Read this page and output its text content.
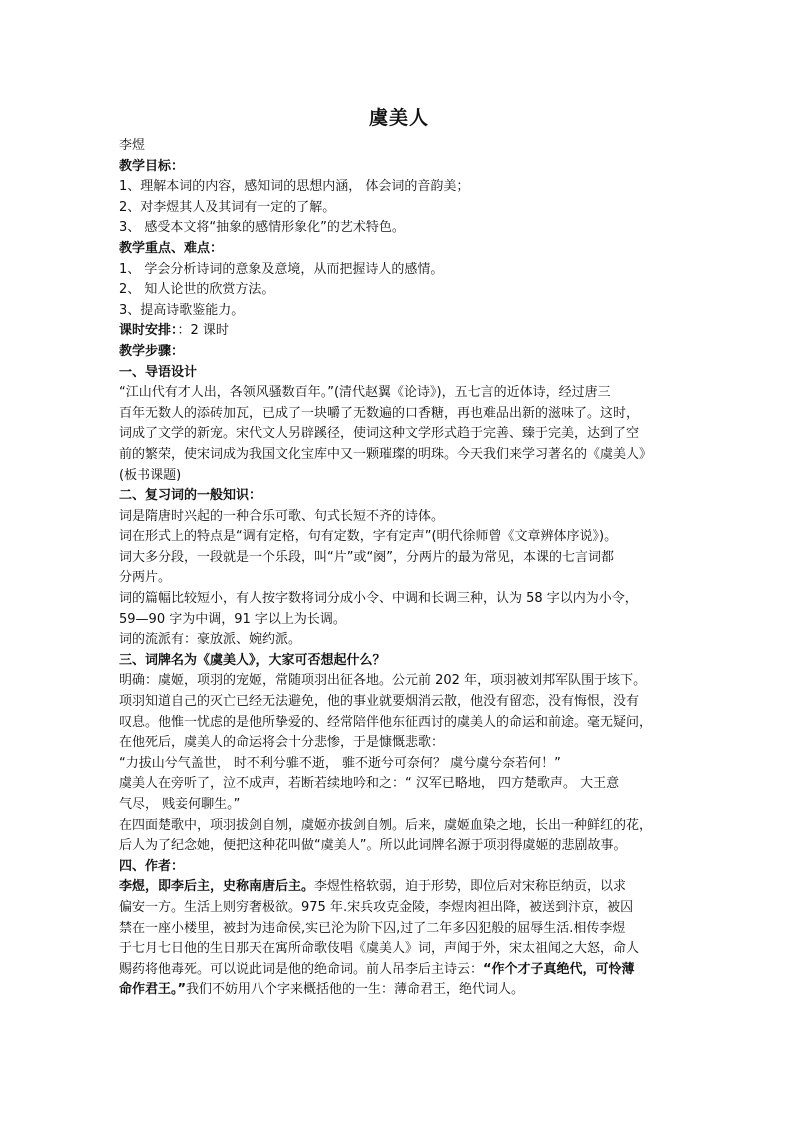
虞美人
李煜
教学目标：
1、理解本词的内容，感知词的思想内涵， 体会词的音韵美；
2、对李煜其人及其词有一定的了解。
3、 感受本文将“抽象的感情形象化”的艺术特色。
教学重点、难点：
1、 学会分析诗词的意象及意境，从而把握诗人的感情。
2、 知人论世的欣赏方法。
3、提高诗歌鉴能力。
课时安排：：2 课时
教学步骤：
一、导语设计
“江山代有才人出，各领风骚数百年。”(清代赵翼《论诗》)，五七言的近体诗，经过唐三
百年无数人的添砖加瓦，已成了一块嚼了无数遍的口香糖，再也难品出新的滋味了。这时，
词成了文学的新宠。宋代文人另辟蹊径，使词这种文学形式趋于完善、臻于完美，达到了空
前的繁荣，使宋词成为我国文化宝库中又一颗璀璨的明珠。今天我们来学习著名的《虞美人》
(板书课题)
二、复习词的一般知识：
词是隋唐时兴起的一种合乐可歌、句式长短不齐的诗体。
词在形式上的特点是“调有定格，句有定数，字有定声”(明代徐师曾《文章辨体序说》)。
词大多分段，一段就是一个乐段，叫“片”或“阕”，分两片的最为常见，本课的七言词都
分两片。
词的篇幅比较短小，有人按字数将词分成小令、中调和长调三种，认为 58 字以内为小令，
59—90 字为中调，91 字以上为长调。
词的流派有：豪放派、婉约派。
三、词牌名为《虞美人》，大家可否想起什么？
明确：虞姬，项羽的宠姬，常随项羽出征各地。公元前 202 年，项羽被刘邦军队围于垓下。
项羽知道自己的灭亡已经无法避免，他的事业就要烟消云散，他没有留恋，没有悔恨，没有
叹息。他惟一忧虑的是他所挚爱的、经常陪伴他东征西讨的虞美人的命运和前途。毫无疑问，
在他死后，虞美人的命运将会十分悲惨，于是慷慨悲歌：
“力拔山兮气盖世， 时不利兮骓不逝， 骓不逝兮可奈何？ 虞兮虞兮奈若何！”
虞美人在旁听了，泣不成声，若断若续地吟和之：“ 汉军已略地， 四方楚歌声。 大王意
气尽， 贱妾何聊生。”
在四面楚歌中，项羽拔剑自刎，虞姬亦拔剑自刎。后来，虞姬血染之地，长出一种鲜红的花，
后人为了纪念她，便把这种花叫做“虞美人”。所以此词牌名源于项羽得虞姬的悲剧故事。
四、作者：
李煜，即李后主，史称南唐后主。李煜性格软弱，迫于形势，即位后对宋称臣纳贡，以求
偏安一方。生活上则穷奢极欲。975 年.宋兵攻克金陵，李煜肉袒出降，被送到汴京，被囚
禁在一座小楼里，被封为违命侯,实已沦为阶下囚,过了二年多囚犯般的屈辱生活.相传李煜
于七月七日他的生日那天在寓所命歌伎唱《虞美人》词，声闻于外，宋太祖闻之大怒，命人
赐药将他毒死。可以说此词是他的绝命词。前人吊李后主诗云：“作个才子真绝代，可怜薄
命作君王。”我们不妨用八个字来概括他的一生：薄命君王，绝代词人。
